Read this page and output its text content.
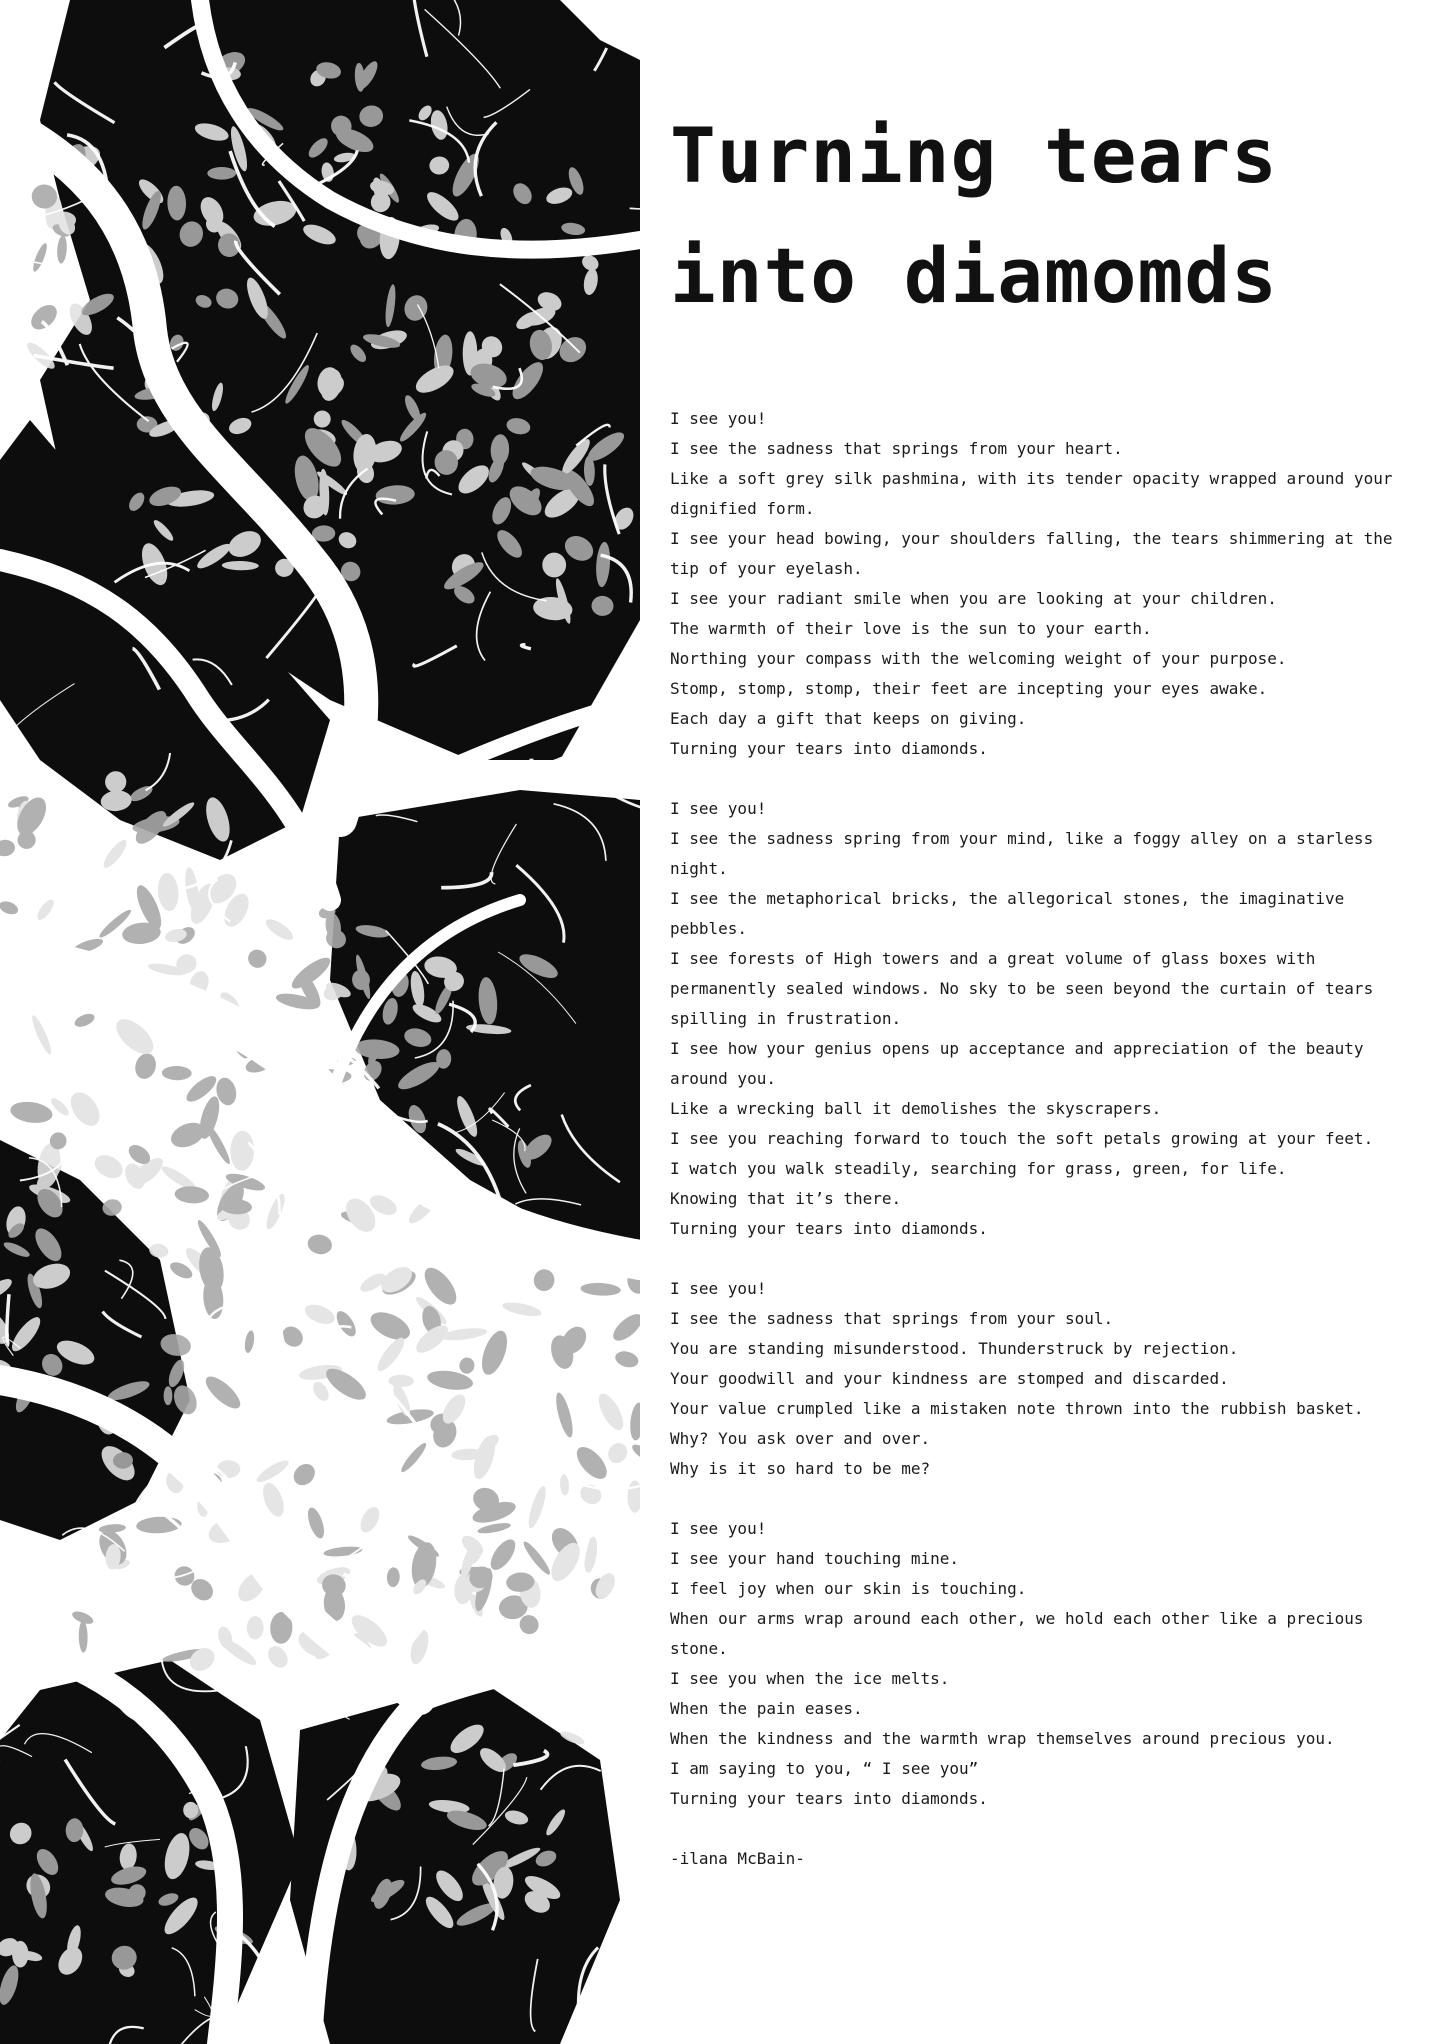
Turning tears into diamomds
I see you!
I see the sadness that springs from your heart.
Like a soft grey silk pashmina, with its tender opacity wrapped around your dignified form.
I see your head bowing, your shoulders falling, the tears shimmering at the tip of your eyelash.
I see your radiant smile when you are looking at your children.
The warmth of their love is the sun to your earth.
Northing your compass with the welcoming weight of your purpose.
Stomp, stomp, stomp, their feet are incepting your eyes awake.
Each day a gift that keeps on giving.
Turning your tears into diamonds.
I see you!
I see the sadness spring from your mind, like a foggy alley on a starless night.
I see the metaphorical bricks, the allegorical stones, the imaginative pebbles.
I see forests of High towers and a great volume of glass boxes with permanently sealed windows. No sky to be seen beyond the curtain of tears spilling in frustration.
I see how your genius opens up acceptance and appreciation of the beauty around you.
Like a wrecking ball it demolishes the skyscrapers.
I see you reaching forward to touch the soft petals growing at your feet.
I watch you walk steadily, searching for grass, green, for life.
Knowing that it’s there.
Turning your tears into diamonds.
I see you!
I see the sadness that springs from your soul.
You are standing misunderstood. Thunderstruck by rejection.
Your goodwill and your kindness are stomped and discarded.
Your value crumpled like a mistaken note thrown into the rubbish basket.
Why? You ask over and over.
Why is it so hard to be me?
I see you!
I see your hand touching mine.
I feel joy when our skin is touching.
When our arms wrap around each other, we hold each other like a precious stone.
I see you when the ice melts.
When the pain eases.
When the kindness and the warmth wrap themselves around precious you.
I am saying to you, “ I see you”
Turning your tears into diamonds.

-ilana McBain-
